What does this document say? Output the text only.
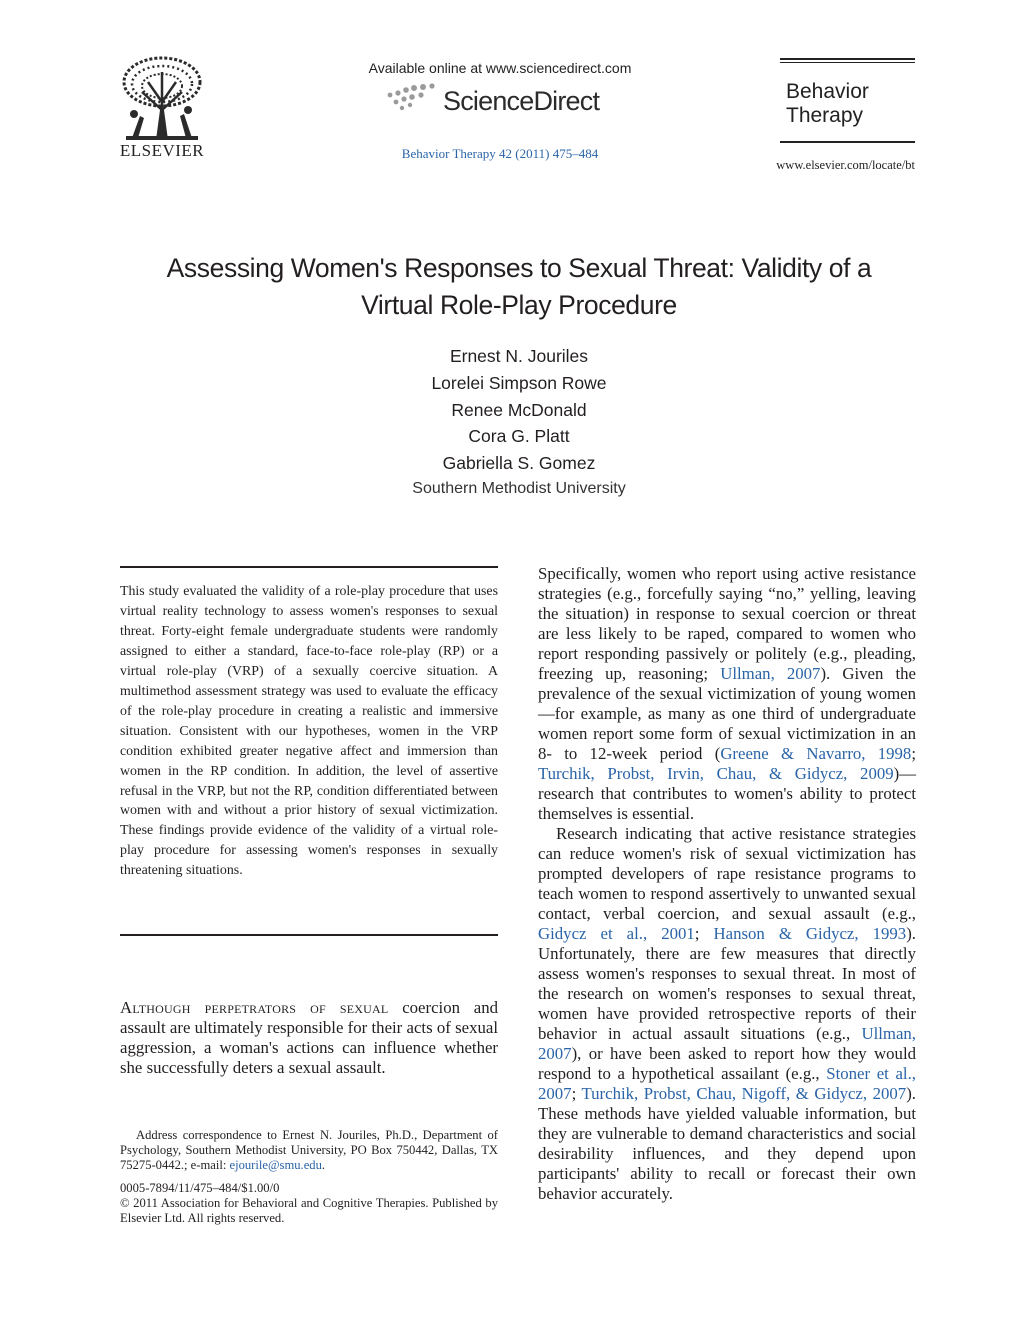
ELSEVIER
Available online at www.sciencedirect.com
ScienceDirect
Behavior Therapy 42 (2011) 475–484
Behavior
Therapy
www.elsevier.com/locate/bt
Assessing Women's Responses to Sexual Threat: Validity of a
Virtual Role-Play Procedure
Ernest N. Jouriles
Lorelei Simpson Rowe
Renee McDonald
Cora G. Platt
Gabriella S. Gomez
Southern Methodist University
This study evaluated the validity of a role-play procedure that uses virtual reality technology to assess women's responses to sexual threat. Forty-eight female undergraduate students were randomly assigned to either a standard, face-to-face role-play (RP) or a virtual role-play (VRP) of a sexually coercive situation. A multimethod assessment strategy was used to evaluate the efficacy of the role-play procedure in creating a realistic and immersive situation. Consistent with our hypotheses, women in the VRP condition exhibited greater negative affect and immersion than women in the RP condition. In addition, the level of assertive refusal in the VRP, but not the RP, condition differentiated between women with and without a prior history of sexual victimization. These findings provide evidence of the validity of a virtual role-play procedure for assessing women's responses in sexually threatening situations.
Although perpetrators of sexual coercion and assault are ultimately responsible for their acts of sexual aggression, a woman's actions can influence whether she successfully deters a sexual assault.

Address correspondence to Ernest N. Jouriles, Ph.D., Department of Psychology, Southern Methodist University, PO Box 750442, Dallas, TX 75275-0442.; e-mail: ejourile@smu.edu.

0005-7894/11/475–484/$1.00/0

© 2011 Association for Behavioral and Cognitive Therapies. Published by Elsevier Ltd. All rights reserved.

Specifically, women who report using active resistance strategies (e.g., forcefully saying “no,” yelling, leaving the situation) in response to sexual coercion or threat are less likely to be raped, compared to women who report responding passively or politely (e.g., pleading, freezing up, reasoning; Ullman, 2007). Given the prevalence of the sexual victimization of young women—for example, as many as one third of undergraduate women report some form of sexual victimization in an 8- to 12-week period (Greene & Navarro, 1998; Turchik, Probst, Irvin, Chau, & Gidycz, 2009)—research that contributes to women's ability to protect themselves is essential.

Research indicating that active resistance strategies can reduce women's risk of sexual victimization has prompted developers of rape resistance programs to teach women to respond assertively to unwanted sexual contact, verbal coercion, and sexual assault (e.g., Gidycz et al., 2001; Hanson & Gidycz, 1993). Unfortunately, there are few measures that directly assess women's responses to sexual threat. In most of the research on women's responses to sexual threat, women have provided retrospective reports of their behavior in actual assault situations (e.g., Ullman, 2007), or have been asked to report how they would respond to a hypothetical assailant (e.g., Stoner et al., 2007; Turchik, Probst, Chau, Nigoff, & Gidycz, 2007). These methods have yielded valuable information, but they are vulnerable to demand characteristics and social desirability influences, and they depend upon participants' ability to recall or forecast their own behavior accurately.
